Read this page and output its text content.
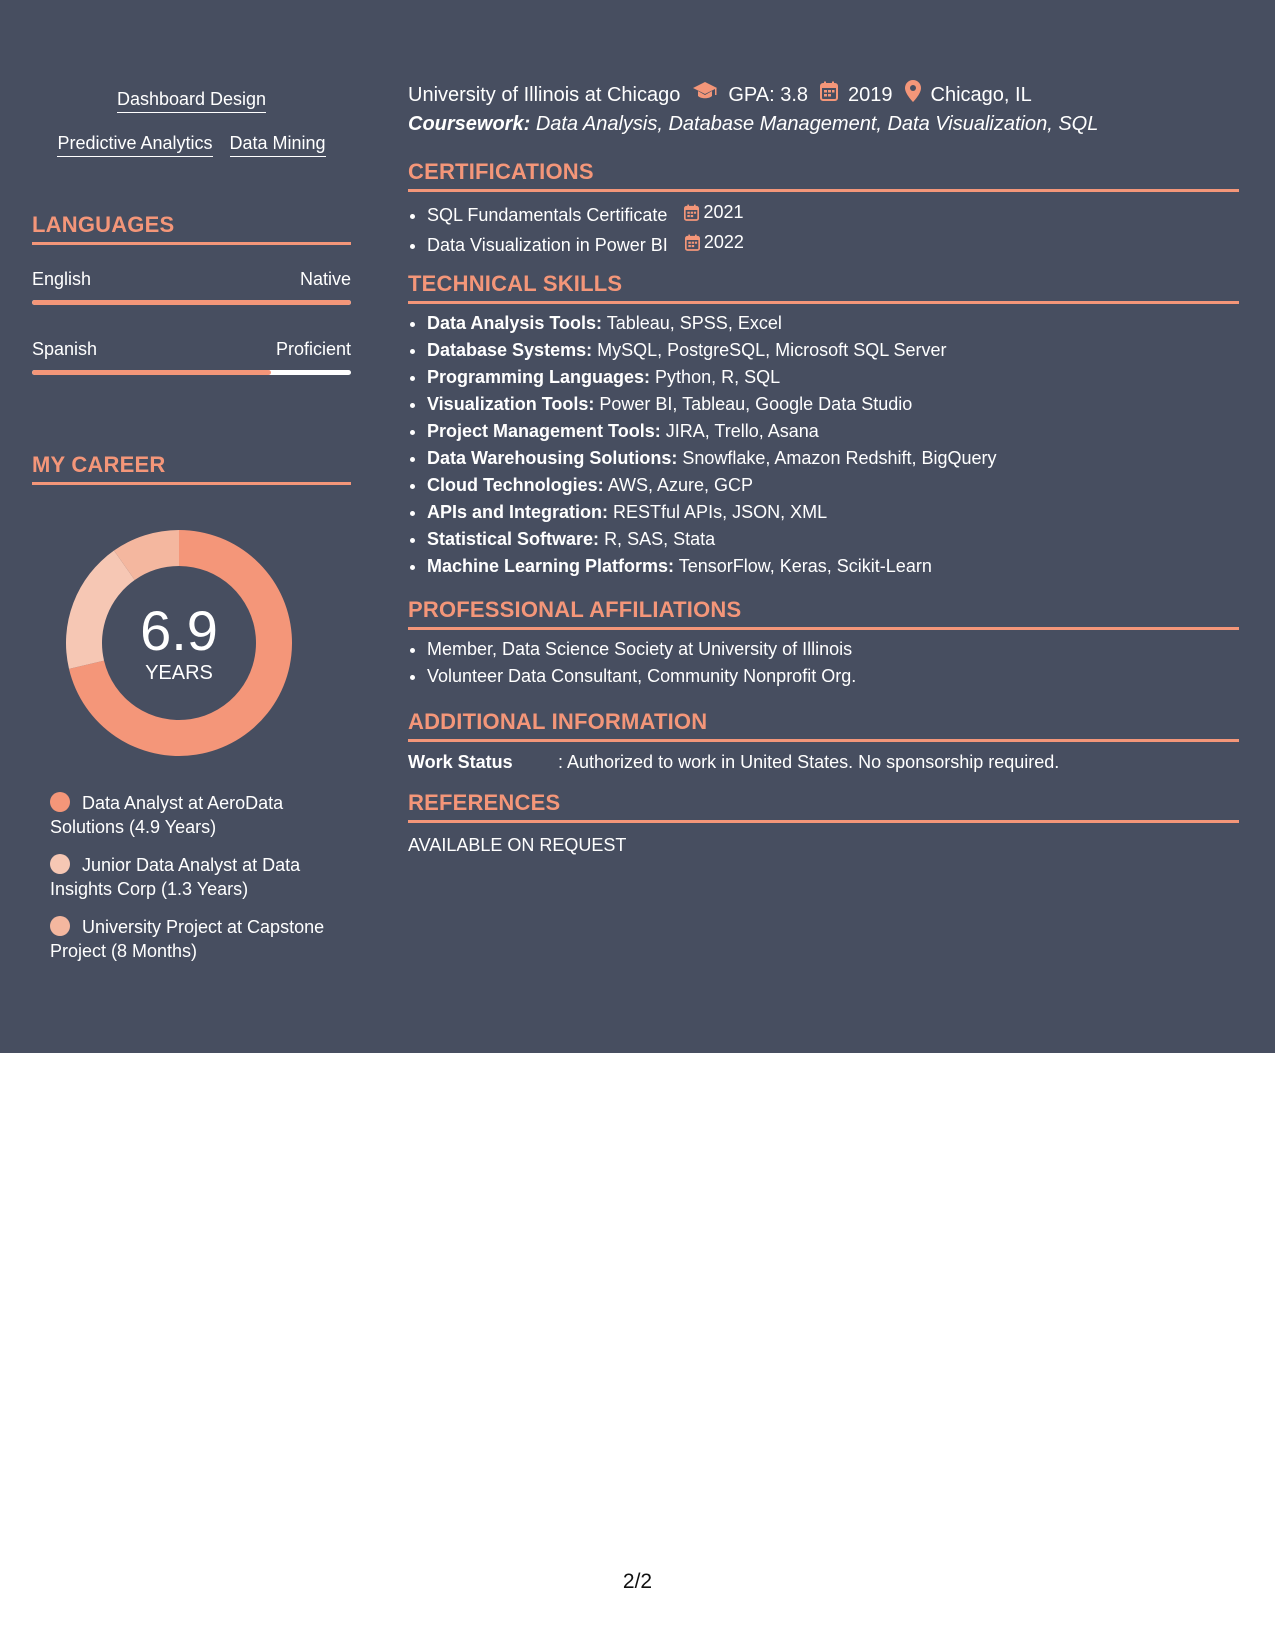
Dashboard Design
Predictive Analytics Data Mining
LANGUAGES
English	Native
Spanish	Proficient
MY CAREER
6.9
YEARS
Data Analyst at AeroData Solutions (4.9 Years)
Junior Data Analyst at Data Insights Corp (1.3 Years)
University Project at Capstone Project (8 Months)
University of Illinois at Chicago GPA: 3.8 2019 Chicago, IL
Coursework: Data Analysis, Database Management, Data Visualization, SQL
CERTIFICATIONS
• SQL Fundamentals Certificate 2021
• Data Visualization in Power BI 2022
TECHNICAL SKILLS
• Data Analysis Tools: Tableau, SPSS, Excel
• Database Systems: MySQL, PostgreSQL, Microsoft SQL Server
• Programming Languages: Python, R, SQL
• Visualization Tools: Power BI, Tableau, Google Data Studio
• Project Management Tools: JIRA, Trello, Asana
• Data Warehousing Solutions: Snowflake, Amazon Redshift, BigQuery
• Cloud Technologies: AWS, Azure, GCP
• APIs and Integration: RESTful APIs, JSON, XML
• Statistical Software: R, SAS, Stata
• Machine Learning Platforms: TensorFlow, Keras, Scikit-Learn
PROFESSIONAL AFFILIATIONS
• Member, Data Science Society at University of Illinois
• Volunteer Data Consultant, Community Nonprofit Org.
ADDITIONAL INFORMATION
Work Status	: Authorized to work in United States. No sponsorship required.
REFERENCES
AVAILABLE ON REQUEST
2/2
